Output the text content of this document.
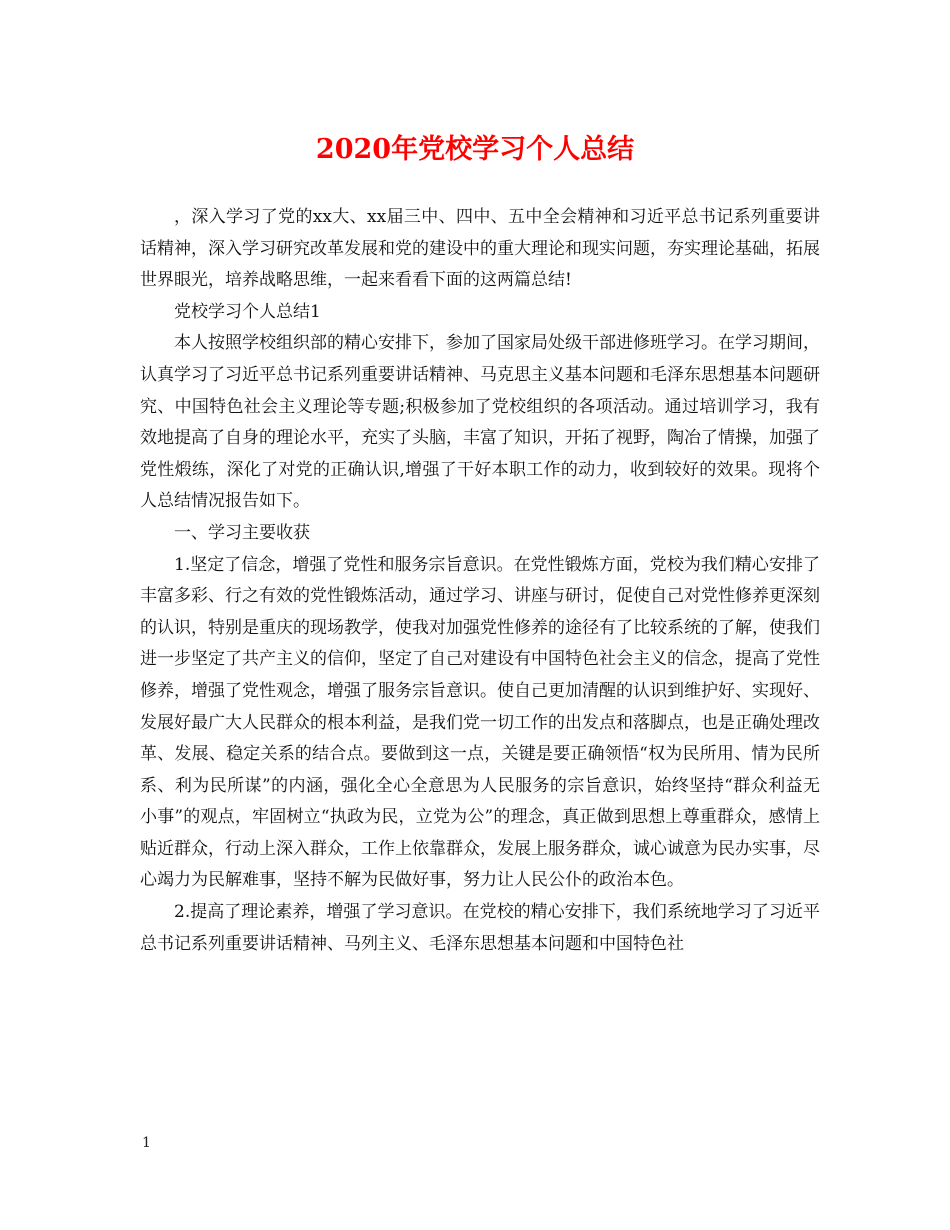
2020年党校学习个人总结

，深入学习了党的xx大、xx届三中、四中、五中全会精神和习近平总书记系列重要讲话精神，深入学习研究改革发展和党的建设中的重大理论和现实问题，夯实理论基础，拓展世界眼光，培养战略思维，一起来看看下面的这两篇总结!

党校学习个人总结1

本人按照学校组织部的精心安排下，参加了国家局处级干部进修班学习。在学习期间，认真学习了习近平总书记系列重要讲话精神、马克思主义基本问题和毛泽东思想基本问题研究、中国特色社会主义理论等专题;积极参加了党校组织的各项活动。通过培训学习，我有效地提高了自身的理论水平，充实了头脑，丰富了知识，开拓了视野，陶冶了情操，加强了党性煅练，深化了对党的正确认识,增强了干好本职工作的动力，收到较好的效果。现将个人总结情况报告如下。

一、学习主要收获

1.坚定了信念，增强了党性和服务宗旨意识。在党性锻炼方面，党校为我们精心安排了丰富多彩、行之有效的党性锻炼活动，通过学习、讲座与研讨，促使自己对党性修养更深刻的认识，特别是重庆的现场教学，使我对加强党性修养的途径有了比较系统的了解，使我们进一步坚定了共产主义的信仰，坚定了自己对建设有中国特色社会主义的信念，提高了党性修养，增强了党性观念，增强了服务宗旨意识。使自己更加清醒的认识到维护好、实现好、发展好最广大人民群众的根本利益，是我们党一切工作的出发点和落脚点，也是正确处理改革、发展、稳定关系的结合点。要做到这一点，关键是要正确领悟“权为民所用、情为民所系、利为民所谋”的内涵，强化全心全意思为人民服务的宗旨意识，始终坚持“群众利益无小事”的观点，牢固树立“执政为民，立党为公”的理念，真正做到思想上尊重群众，感情上贴近群众，行动上深入群众，工作上依靠群众，发展上服务群众，诚心诚意为民办实事，尽心竭力为民解难事，坚持不解为民做好事，努力让人民公仆的政治本色。

2.提高了理论素养，增强了学习意识。在党校的精心安排下，我们系统地学习了习近平总书记系列重要讲话精神、马列主义、毛泽东思想基本问题和中国特色社

1
